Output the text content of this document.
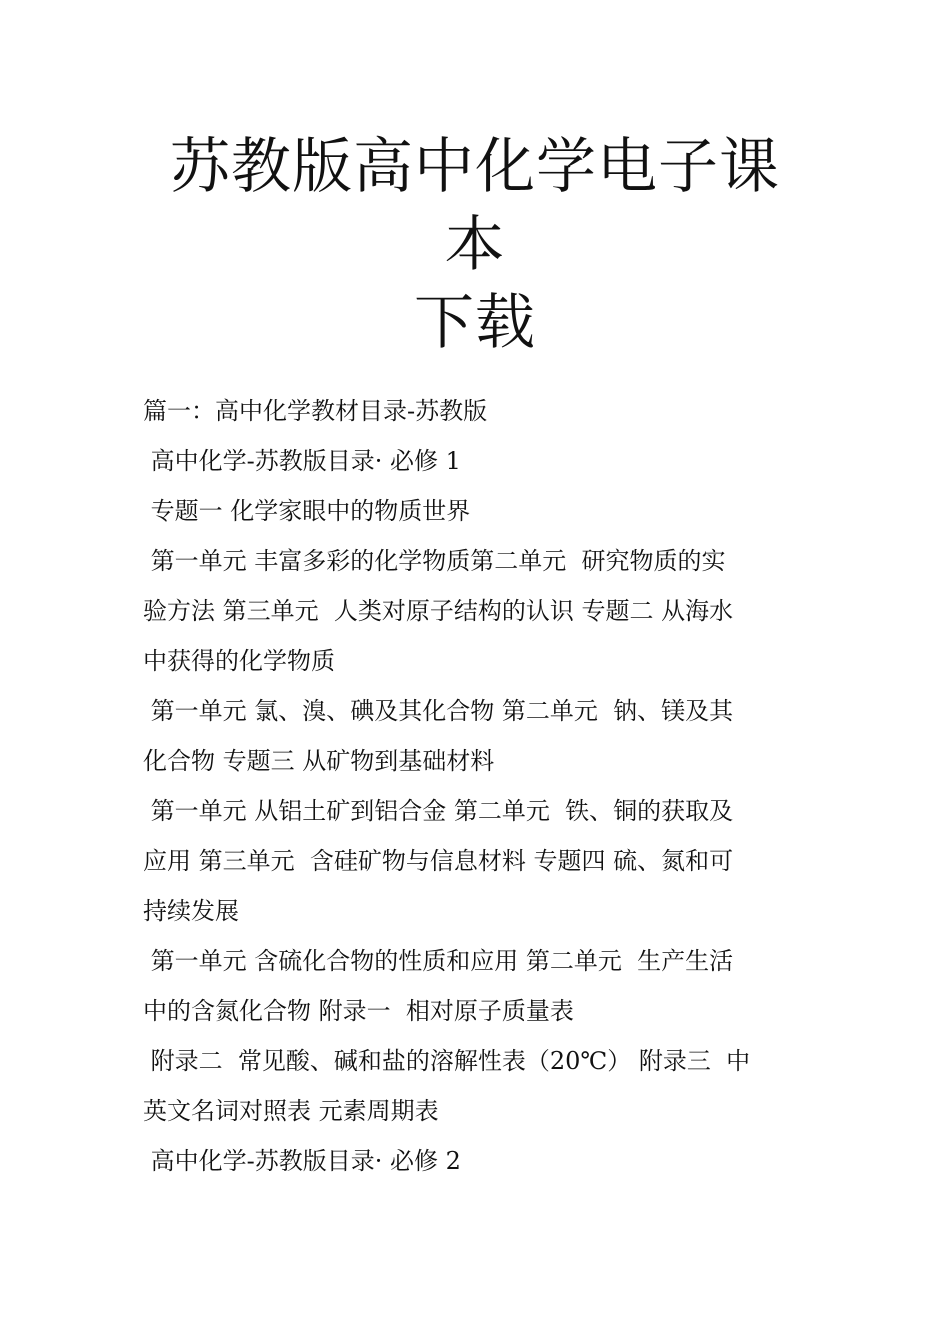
苏教版高中化学电子课本
下载
篇一：高中化学教材目录-苏教版
高中化学-苏教版目录· 必修 1
专题一 化学家眼中的物质世界
第一单元 丰富多彩的化学物质第二单元  研究物质的实
验方法 第三单元  人类对原子结构的认识 专题二 从海水
中获得的化学物质
第一单元 氯、溴、碘及其化合物 第二单元  钠、镁及其
化合物 专题三 从矿物到基础材料
第一单元 从铝土矿到铝合金 第二单元  铁、铜的获取及
应用 第三单元  含硅矿物与信息材料 专题四 硫、氮和可
持续发展
第一单元 含硫化合物的性质和应用 第二单元  生产生活
中的含氮化合物 附录一  相对原子质量表
附录二  常见酸、碱和盐的溶解性表（20℃） 附录三  中
英文名词对照表 元素周期表
高中化学-苏教版目录· 必修 2
